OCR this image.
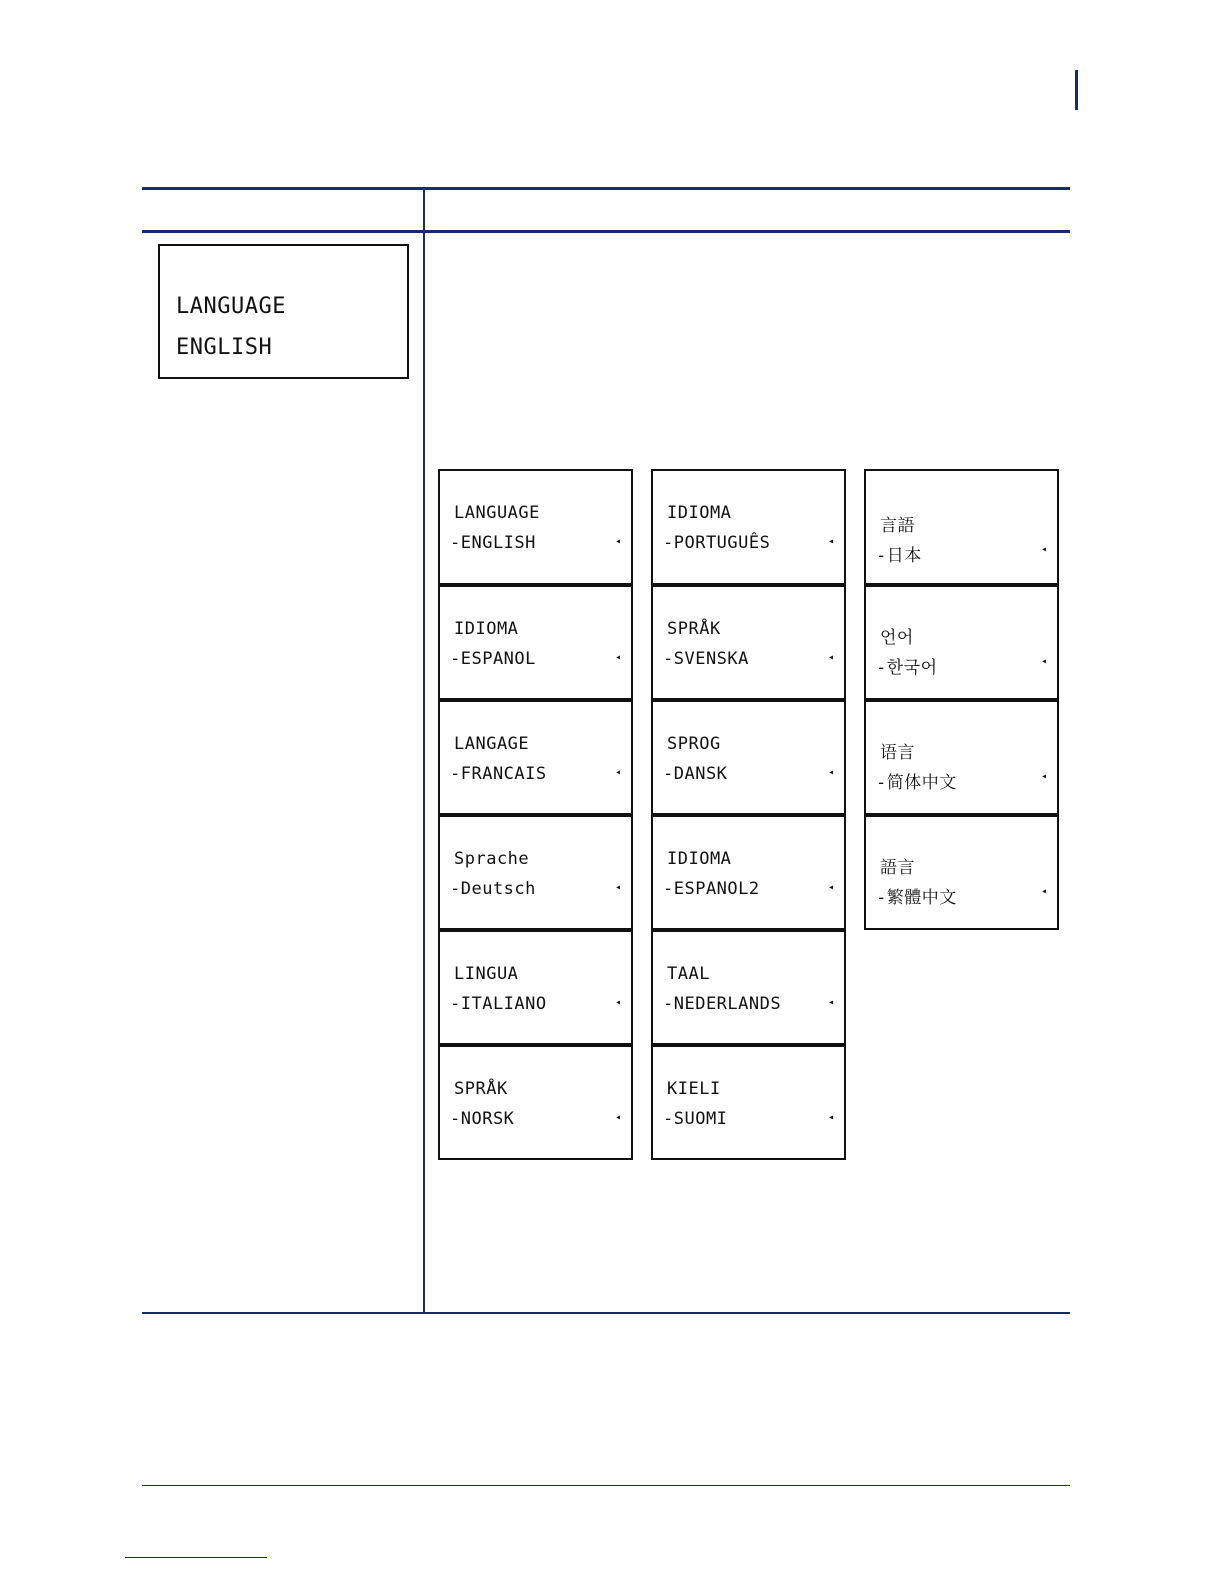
LANGUAGE
ENGLISH
LANGUAGE
-ENGLISH	◂
IDIOMA
-ESPANOL	◂
LANGAGE
-FRANCAIS	◂
Sprache
-Deutsch	◂
LINGUA
-ITALIANO	◂
SPRÅK
-NORSK	◂
IDIOMA
-PORTUGUÊS	◂
SPRÅK
-SVENSKA	◂
SPROG
-DANSK	◂
IDIOMA
-ESPANOL2	◂
TAAL
-NEDERLANDS	◂
KIELI
-SUOMI	◂
言語
-日本	◂
언어
-한국어	◂
语言
-简体中文	◂
語言
-繁體中文	◂
